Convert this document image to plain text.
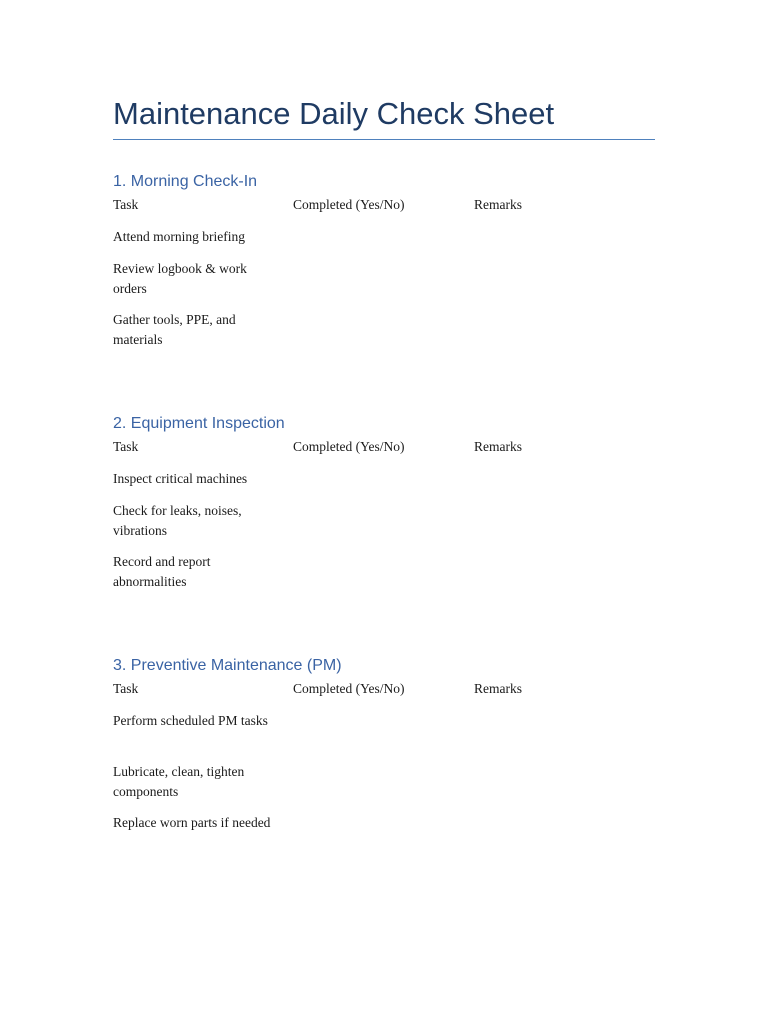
Maintenance Daily Check Sheet
1. Morning Check-In
Task	Completed (Yes/No)	Remarks
Attend morning briefing
Review logbook & work orders
Gather tools, PPE, and materials
2. Equipment Inspection
Task	Completed (Yes/No)	Remarks
Inspect critical machines
Check for leaks, noises, vibrations
Record and report abnormalities
3. Preventive Maintenance (PM)
Task	Completed (Yes/No)	Remarks
Perform scheduled PM tasks
Lubricate, clean, tighten components
Replace worn parts if needed
